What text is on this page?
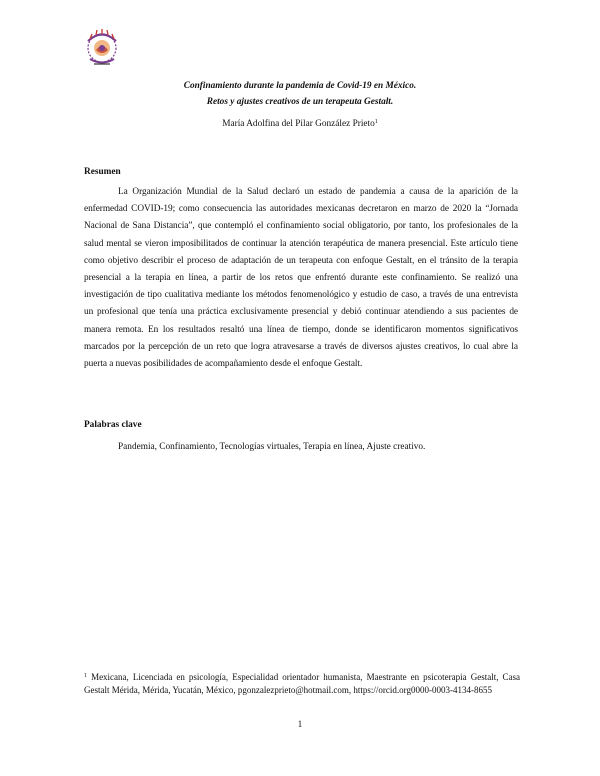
Confinamiento durante la pandemia de Covid-19 en México.
Retos y ajustes creativos de un terapeuta Gestalt.
María Adolfina del Pilar González Prieto$^1$
Resumen

La Organización Mundial de la Salud declaró un estado de pandemia a causa de la aparición de la enfermedad COVID-19; como consecuencia las autoridades mexicanas decretaron en marzo de 2020 la “Jornada Nacional de Sana Distancia”, que contempló el confinamiento social obligatorio, por tanto, los profesionales de la salud mental se vieron imposibilitados de continuar la atención terapéutica de manera presencial. Este artículo tiene como objetivo describir el proceso de adaptación de un terapeuta con enfoque Gestalt, en el tránsito de la terapia presencial a la terapia en línea, a partir de los retos que enfrentó durante este confinamiento. Se realizó una investigación de tipo cualitativa mediante los métodos fenomenológico y estudio de caso, a través de una entrevista un profesional que tenía una práctica exclusivamente presencial y debió continuar atendiendo a sus pacientes de manera remota. En los resultados resaltó una línea de tiempo, donde se identificaron momentos significativos marcados por la percepción de un reto que logra atravesarse a través de diversos ajustes creativos, lo cual abre la puerta a nuevas posibilidades de acompañamiento desde el enfoque Gestalt.

Palabras clave
Pandemia, Confinamiento, Tecnologías virtuales, Terapia en línea, Ajuste creativo.

$^1$ Mexicana, Licenciada en psicología, Especialidad orientador humanista, Maestrante en psicoterapia Gestalt, Casa Gestalt Mérida, Mérida, Yucatán, México, pgonzalezprieto@hotmail.com, https://orcid.org0000-0003-4134-8655

1
